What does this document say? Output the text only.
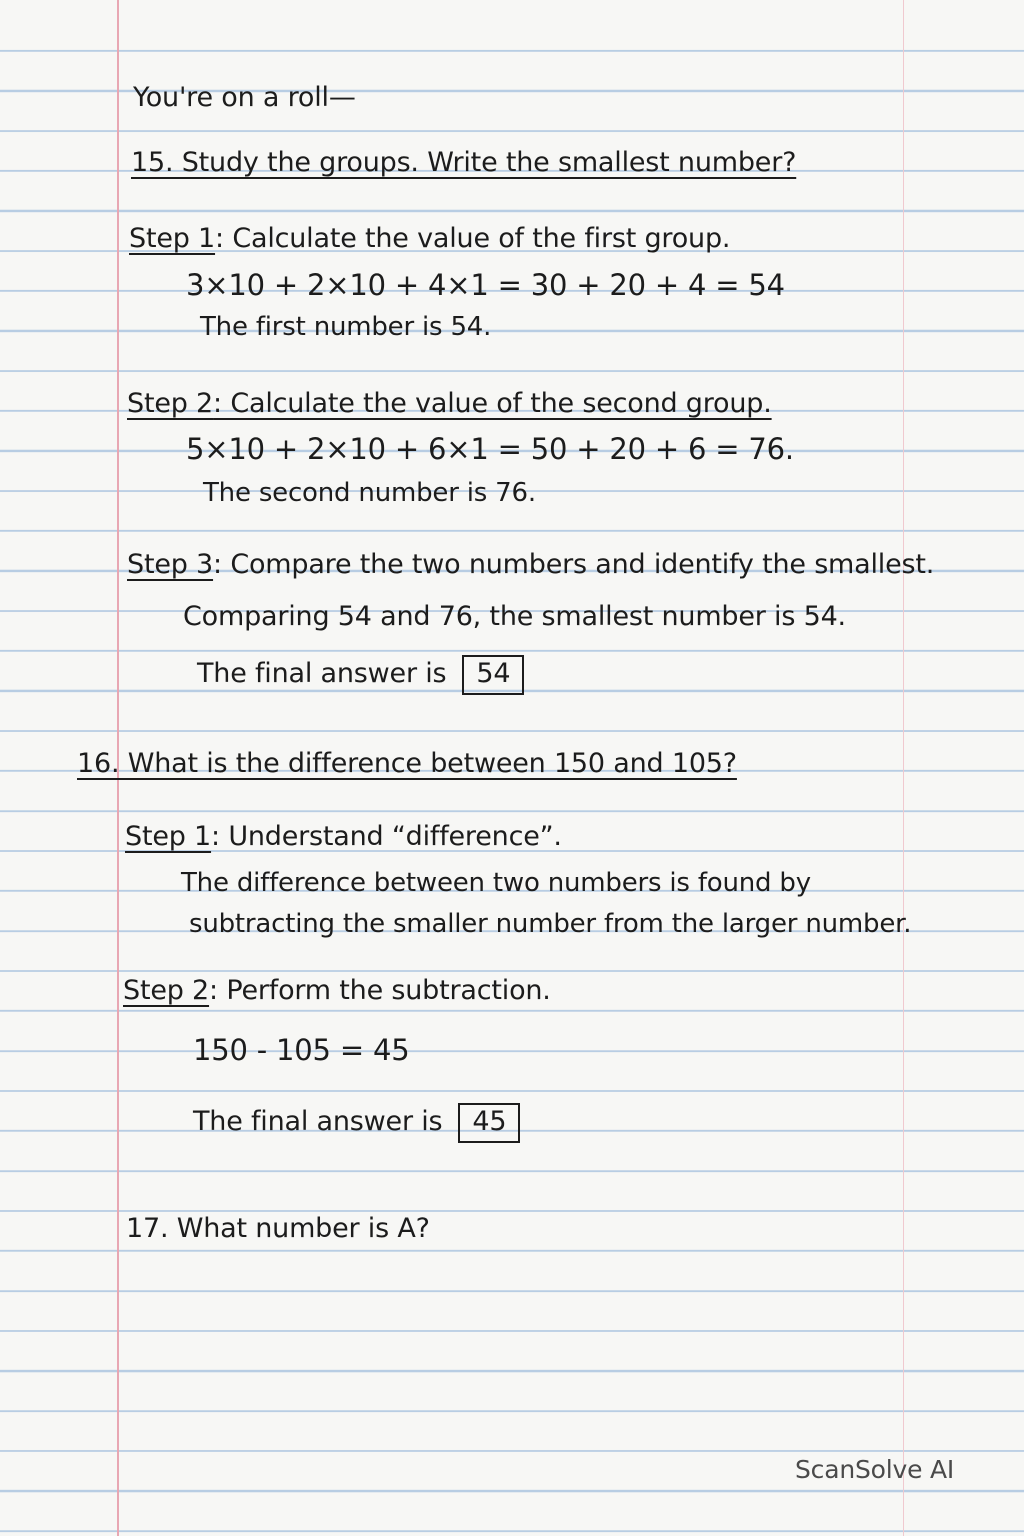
You're on a roll—
15. Study the groups. Write the smallest number?
Step 1: Calculate the value of the first group.
3×10 + 2×10 + 4×1 = 30 + 20 + 4 = 54
The first number is 54.
Step 2: Calculate the value of the second group.
5×10 + 2×10 + 6×1 = 50 + 20 + 6 = 76.
The second number is 76.
Step 3: Compare the two numbers and identify the smallest.
Comparing 54 and 76, the smallest number is 54.
The final answer is 54
16. What is the difference between 150 and 105?
Step 1: Understand “difference”.
The difference between two numbers is found by
subtracting the smaller number from the larger number.
Step 2: Perform the subtraction.
150 - 105 = 45
The final answer is 45
17. What number is A?
ScanSolve AI
